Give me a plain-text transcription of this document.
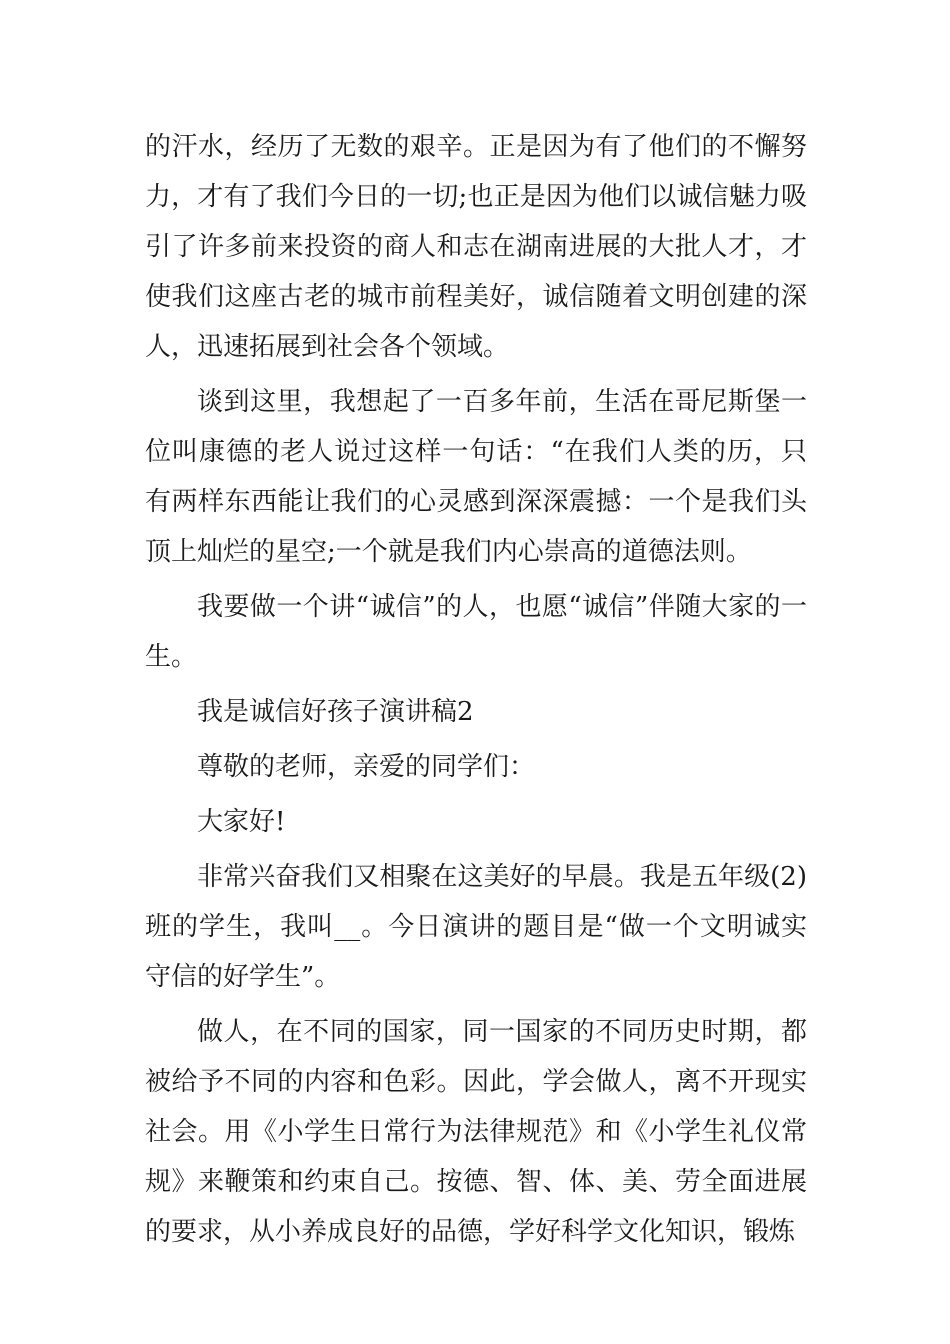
的汗水，经历了无数的艰辛。正是因为有了他们的不懈努力，才有了我们今日的一切;也正是因为他们以诚信魅力吸引了许多前来投资的商人和志在湖南进展的大批人才，才使我们这座古老的城市前程美好，诚信随着文明创建的深人，迅速拓展到社会各个领域。

谈到这里，我想起了一百多年前，生活在哥尼斯堡一位叫康德的老人说过这样一句话：“在我们人类的历，只有两样东西能让我们的心灵感到深深震撼：一个是我们头顶上灿烂的星空;一个就是我们内心崇高的道德法则。

我要做一个讲“诚信”的人，也愿“诚信”伴随大家的一生。

我是诚信好孩子演讲稿2

尊敬的老师，亲爱的同学们：

大家好!

非常兴奋我们又相聚在这美好的早晨。我是五年级(2)班的学生，我叫__。今日演讲的题目是“做一个文明诚实守信的好学生”。

做人，在不同的国家，同一国家的不同历史时期，都被给予不同的内容和色彩。因此，学会做人，离不开现实社会。用《小学生日常行为法律规范》和《小学生礼仪常规》来鞭策和约束自己。按德、智、体、美、劳全面进展的要求，从小养成良好的品德，学好科学文化知识，锻炼
